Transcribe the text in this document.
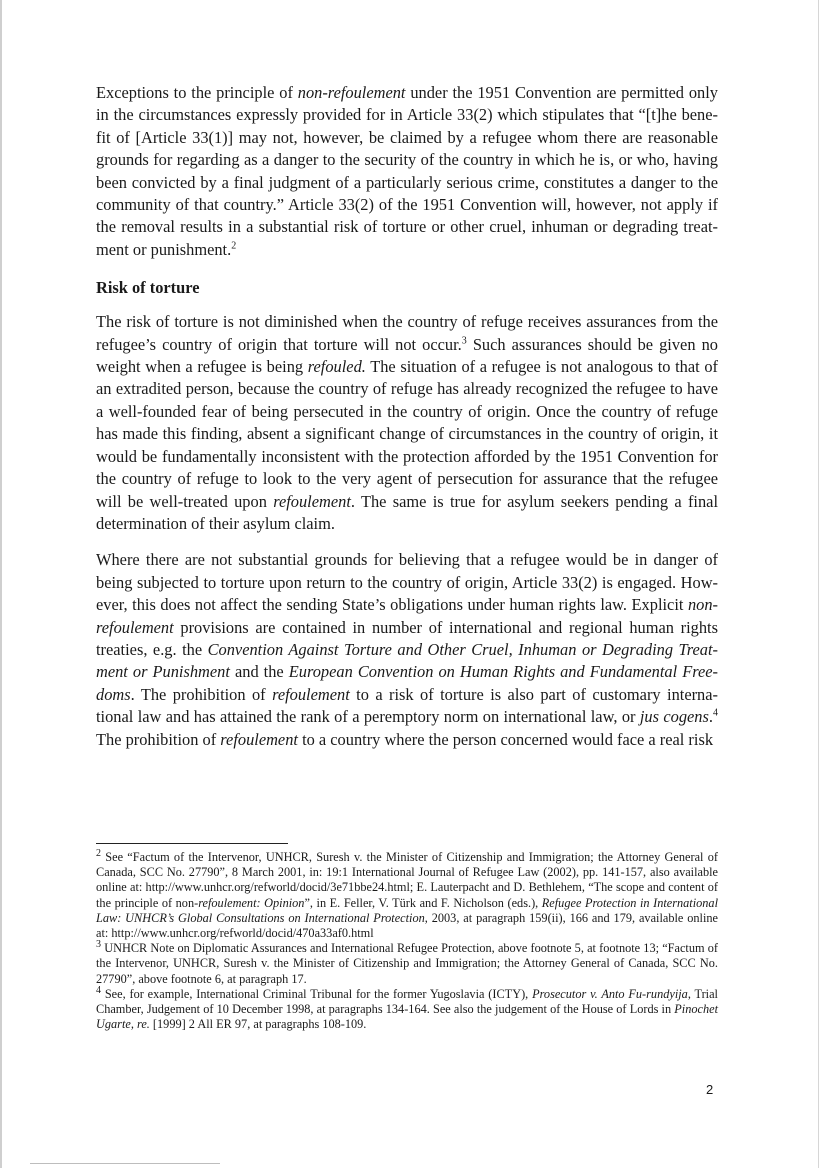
Exceptions to the principle of non-refoulement under the 1951 Convention are permitted only in the circumstances expressly provided for in Article 33(2) which stipulates that “[t]he bene-fit of [Article 33(1)] may not, however, be claimed by a refugee whom there are reasonable grounds for regarding as a danger to the security of the country in which he is, or who, having been convicted by a final judgment of a particularly serious crime, constitutes a danger to the community of that country.” Article 33(2) of the 1951 Convention will, however, not apply if the removal results in a substantial risk of torture or other cruel, inhuman or degrading treat-ment or punishment.$^2$

Risk of torture

The risk of torture is not diminished when the country of refuge receives assurances from the refugee’s country of origin that torture will not occur.$^3$ Such assurances should be given no weight when a refugee is being refouled. The situation of a refugee is not analogous to that of an extradited person, because the country of refuge has already recognized the refugee to have a well-founded fear of being persecuted in the country of origin. Once the country of refuge has made this finding, absent a significant change of circumstances in the country of origin, it would be fundamentally inconsistent with the protection afforded by the 1951 Convention for the country of refuge to look to the very agent of persecution for assurance that the refugee will be well-treated upon refoulement. The same is true for asylum seekers pending a final determination of their asylum claim.

Where there are not substantial grounds for believing that a refugee would be in danger of being subjected to torture upon return to the country of origin, Article 33(2) is engaged. How-ever, this does not affect the sending State’s obligations under human rights law. Explicit non-refoulement provisions are contained in number of international and regional human rights treaties, e.g. the Convention Against Torture and Other Cruel, Inhuman or Degrading Treat-ment or Punishment and the European Convention on Human Rights and Fundamental Free-doms. The prohibition of refoulement to a risk of torture is also part of customary interna-tional law and has attained the rank of a peremptory norm on international law, or jus cogens.$^4$ The prohibition of refoulement to a country where the person concerned would face a real risk

$^2$ See “Factum of the Intervenor, UNHCR, Suresh v. the Minister of Citizenship and Immigration; the Attorney General of Canada, SCC No. 27790”, 8 March 2001, in: 19:1 International Journal of Refugee Law (2002), pp. 141-157, also available online at: http://www.unhcr.org/refworld/docid/3e71bbe24.html; E. Lauterpacht and D. Bethlehem, “The scope and content of the principle of non-refoulement: Opinion”, in E. Feller, V. Türk and F. Nicholson (eds.), Refugee Protection in International Law: UNHCR’s Global Consultations on International Protection, 2003, at paragraph 159(ii), 166 and 179, available online at: http://www.unhcr.org/refworld/docid/470a33af0.html

$^3$ UNHCR Note on Diplomatic Assurances and International Refugee Protection, above footnote 5, at footnote 13; “Factum of the Intervenor, UNHCR, Suresh v. the Minister of Citizenship and Immigration; the Attorney General of Canada, SCC No. 27790”, above footnote 6, at paragraph 17.

$^4$ See, for example, International Criminal Tribunal for the former Yugoslavia (ICTY), Prosecutor v. Anto Fu-rundyija, Trial Chamber, Judgement of 10 December 1998, at paragraphs 134-164. See also the judgement of the House of Lords in Pinochet Ugarte, re. [1999] 2 All ER 97, at paragraphs 108-109.

2
